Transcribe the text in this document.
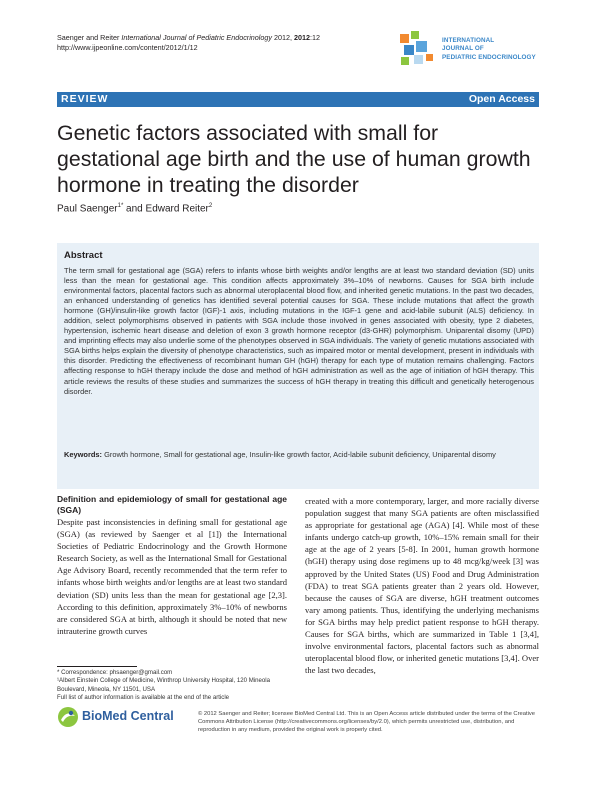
Saenger and Reiter International Journal of Pediatric Endocrinology 2012, 2012:12
http://www.ijpeonline.com/content/2012/1/12
INTERNATIONAL
JOURNAL OF
PEDIATRIC ENDOCRINOLOGY
REVIEW	Open Access
Genetic factors associated with small for gestational age birth and the use of human growth hormone in treating the disorder
Paul Saenger$^{1*}$ and Edward Reiter$^2$
Abstract
The term small for gestational age (SGA) refers to infants whose birth weights and/or lengths are at least two standard deviation (SD) units less than the mean for gestational age. This condition affects approximately 3%–10% of newborns. Causes for SGA birth include environmental factors, placental factors such as abnormal uteroplacental blood flow, and inherited genetic mutations. In the past two decades, an enhanced understanding of genetics has identified several potential causes for SGA. These include mutations that affect the growth hormone (GH)/insulin-like growth factor (IGF)-1 axis, including mutations in the IGF-1 gene and acid-labile subunit (ALS) deficiency. In addition, select polymorphisms observed in patients with SGA include those involved in genes associated with obesity, type 2 diabetes, hypertension, ischemic heart disease and deletion of exon 3 growth hormone receptor (d3-GHR) polymorphism. Uniparental disomy (UPD) and imprinting effects may also underlie some of the phenotypes observed in SGA individuals. The variety of genetic mutations associated with SGA births helps explain the diversity of phenotype characteristics, such as impaired motor or mental development, present in individuals with this disorder. Predicting the effectiveness of recombinant human GH (hGH) therapy for each type of mutation remains challenging. Factors affecting response to hGH therapy include the dose and method of hGH administration as well as the age of initiation of hGH therapy. This article reviews the results of these studies and summarizes the success of hGH therapy in treating this difficult and genetically heterogenous disorder.
Keywords: Growth hormone, Small for gestational age, Insulin-like growth factor, Acid-labile subunit deficiency, Uniparental disomy
Definition and epidemiology of small for gestational age (SGA)
Despite past inconsistencies in defining small for gestational age (SGA) (as reviewed by Saenger et al [1]) the International Societies of Pediatric Endocrinology and the Growth Hormone Research Society, as well as the International Small for Gestational Age Advisory Board, recently recommended that the term refer to infants whose birth weights and/or lengths are at least two standard deviation (SD) units less than the mean for gestational age [2,3]. According to this definition, approximately 3%–10% of newborns are considered SGA at birth, although it should be noted that new intrauterine growth curves
created with a more contemporary, larger, and more racially diverse population suggest that many SGA patients are often misclassified as appropriate for gestational age (AGA) [4]. While most of these infants undergo catch-up growth, 10%–15% remain small for their age at the age of 2 years [5-8]. In 2001, human growth hormone (hGH) therapy using dose regimens up to 48 mcg/kg/week [3] was approved by the United States (US) Food and Drug Administration (FDA) to treat SGA patients greater than 2 years old. However, because the causes of SGA are diverse, hGH treatment outcomes vary among patients. Thus, identifying the underlying mechanisms for SGA births may help predict patient response to hGH therapy. Causes for SGA births, which are summarized in Table 1 [3,4], involve environmental factors, placental factors such as abnormal uteroplacental blood flow, or inherited genetic mutations [3,4]. Over the last two decades,
* Correspondence: phsaenger@gmail.com
¹Albert Einstein College of Medicine, Winthrop University Hospital, 120 Mineola Boulevard, Mineola, NY 11501, USA
Full list of author information is available at the end of the article
BioMed Central	© 2012 Saenger and Reiter; licensee BioMed Central Ltd. This is an Open Access article distributed under the terms of the Creative Commons Attribution License (http://creativecommons.org/licenses/by/2.0), which permits unrestricted use, distribution, and reproduction in any medium, provided the original work is properly cited.
